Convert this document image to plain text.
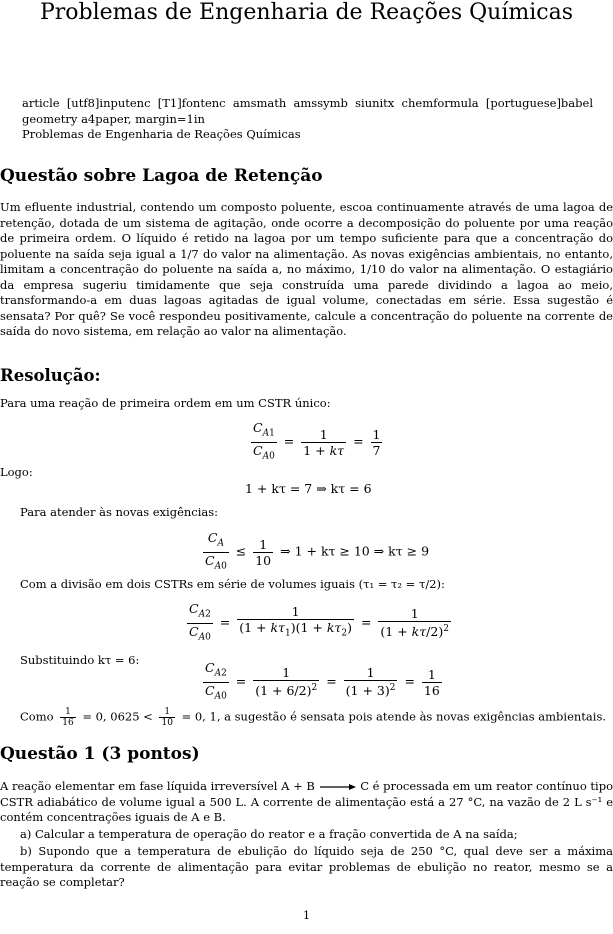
Problemas de Engenharia de Reações Químicas
article [utf8]inputenc [T1]fontenc amsmath amssymb siunitx chemformula [portuguese]babel geometry a4paper, margin=1in
Problemas de Engenharia de Reações Químicas
Questão sobre Lagoa de Retenção
Um efluente industrial, contendo um composto poluente, escoa continuamente através de uma lagoa de retenção, dotada de um sistema de agitação, onde ocorre a decomposição do poluente por uma reação de primeira ordem. O líquido é retido na lagoa por um tempo suficiente para que a concentração do poluente na saída seja igual a 1/7 do valor na alimentação. As novas exigências ambientais, no entanto, limitam a concentração do poluente na saída a, no máximo, 1/10 do valor na alimentação. O estagiário da empresa sugeriu timidamente que seja construída uma parede dividindo a lagoa ao meio, transformando-a em duas lagoas agitadas de igual volume, conectadas em série. Essa sugestão é sensata? Por quê? Se você respondeu positivamente, calcule a concentração do poluente na corrente de saída do novo sistema, em relação ao valor na alimentação.
Resolução:
Para uma reação de primeira ordem em um CSTR único:
$\frac{C_{A1}}{C_{A0}} = \frac{1}{1 + k\tau} = \frac{1}{7}$
Logo:
1 + kτ = 7 ⇒ kτ = 6
Para atender às novas exigências:
$\frac{C_A}{C_{A0}} \le \frac{1}{10}$ ⇒ 1 + kτ ≥ 10 ⇒ kτ ≥ 9
Com a divisão em dois CSTRs em série de volumes iguais (τ₁ = τ₂ = τ/2):
$\frac{C_{A2}}{C_{A0}} = \frac{1}{(1 + k\tau_1)(1 + k\tau_2)} = \frac{1}{(1 + k\tau/2)^2}$
Substituindo kτ = 6:	$\frac{C_{A2}}{C_{A0}} = \frac{1}{(1 + 6/2)^2} = \frac{1}{(1 + 3)^2} = \frac{1}{16}$
Como $\frac{1}{16} = 0$, $0625 < \frac{1}{10} = 0$, 1, a sugestão é sensata pois atende às novas exigências ambientais.
Questão 1 (3 pontos)
A reação elementar em fase líquida irreversível A + B → C é processada em um reator contínuo tipo CSTR adiabático de volume igual a 500 L. A corrente de alimentação está a 27 °C, na vazão de 2 L s⁻¹ e contém concentrações iguais de A e B.
a) Calcular a temperatura de operação do reator e a fração convertida de A na saída;
b) Supondo que a temperatura de ebulição do líquido seja de 250 °C, qual deve ser a máxima temperatura da corrente de alimentação para evitar problemas de ebulição no reator, mesmo se a reação se completar?
1
